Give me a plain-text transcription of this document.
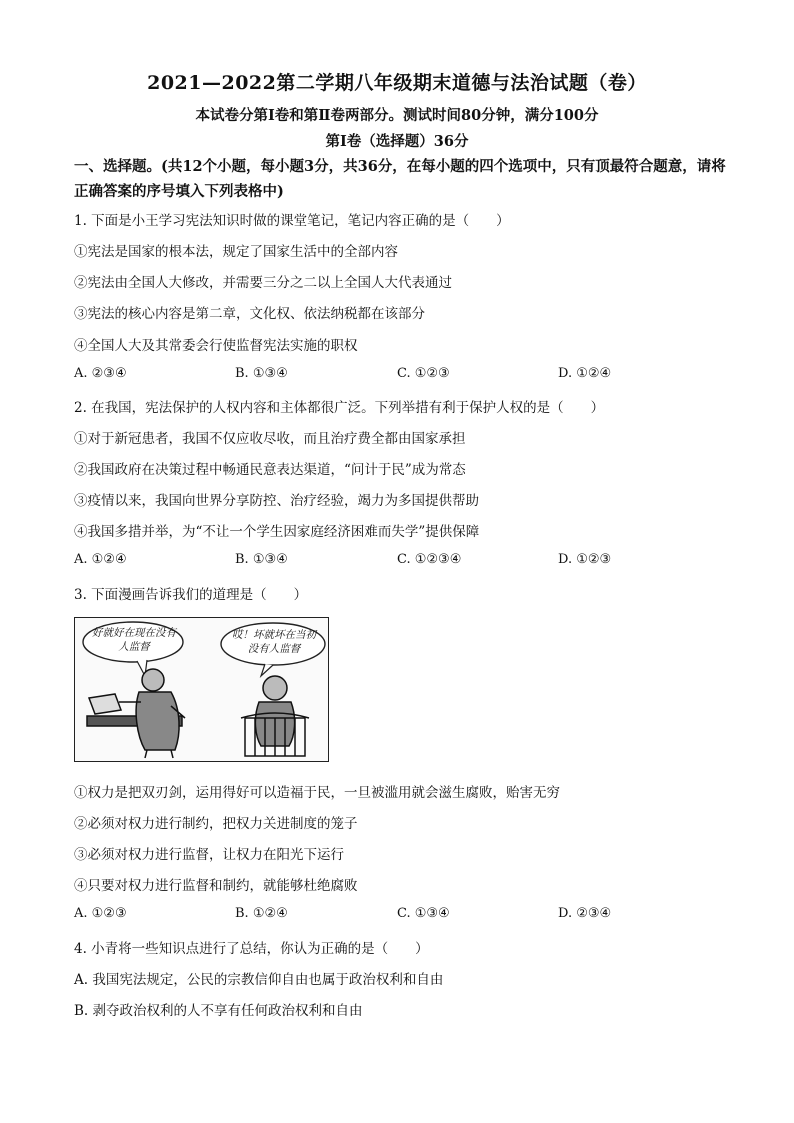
2021—2022第二学期八年级期末道德与法治试题（卷）
本试卷分第Ⅰ卷和第Ⅱ卷两部分。测试时间80分钟，满分100分
第Ⅰ卷（选择题）36分
一、选择题。(共12个小题，每小题3分，共36分，在每小题的四个选项中，只有顶最符合题意，请将正确答案的序号填入下列表格中)
1. 下面是小王学习宪法知识时做的课堂笔记，笔记内容正确的是（　　）
①宪法是国家的根本法，规定了国家生活中的全部内容
②宪法由全国人大修改，并需要三分之二以上全国人大代表通过
③宪法的核心内容是第二章，文化权、依法纳税都在该部分
④全国人大及其常委会行使监督宪法实施的职权
A. ②③④	B. ①③④	C. ①②③	D. ①②④
2. 在我国，宪法保护的人权内容和主体都很广泛。下列举措有利于保护人权的是（　　）
①对于新冠患者，我国不仅应收尽收，而且治疗费全都由国家承担
②我国政府在决策过程中畅通民意表达渠道，“问计于民”成为常态
③疫情以来，我国向世界分享防控、治疗经验，竭力为多国提供帮助
④我国多措并举，为“不让一个学生因家庭经济困难而失学”提供保障
A. ①②④	B. ①③④	C. ①②③④	D. ①②③
3. 下面漫画告诉我们的道理是（　　）
好就好在现在没有人监督
哎！坏就坏在当初没有人监督
①权力是把双刃剑，运用得好可以造福于民，一旦被滥用就会滋生腐败，贻害无穷
②必须对权力进行制约，把权力关进制度的笼子
③必须对权力进行监督，让权力在阳光下运行
④只要对权力进行监督和制约，就能够杜绝腐败
A. ①②③	B. ①②④	C. ①③④	D. ②③④
4. 小青将一些知识点进行了总结，你认为正确的是（　　）
A. 我国宪法规定，公民的宗教信仰自由也属于政治权利和自由
B. 剥夺政治权利的人不享有任何政治权利和自由
